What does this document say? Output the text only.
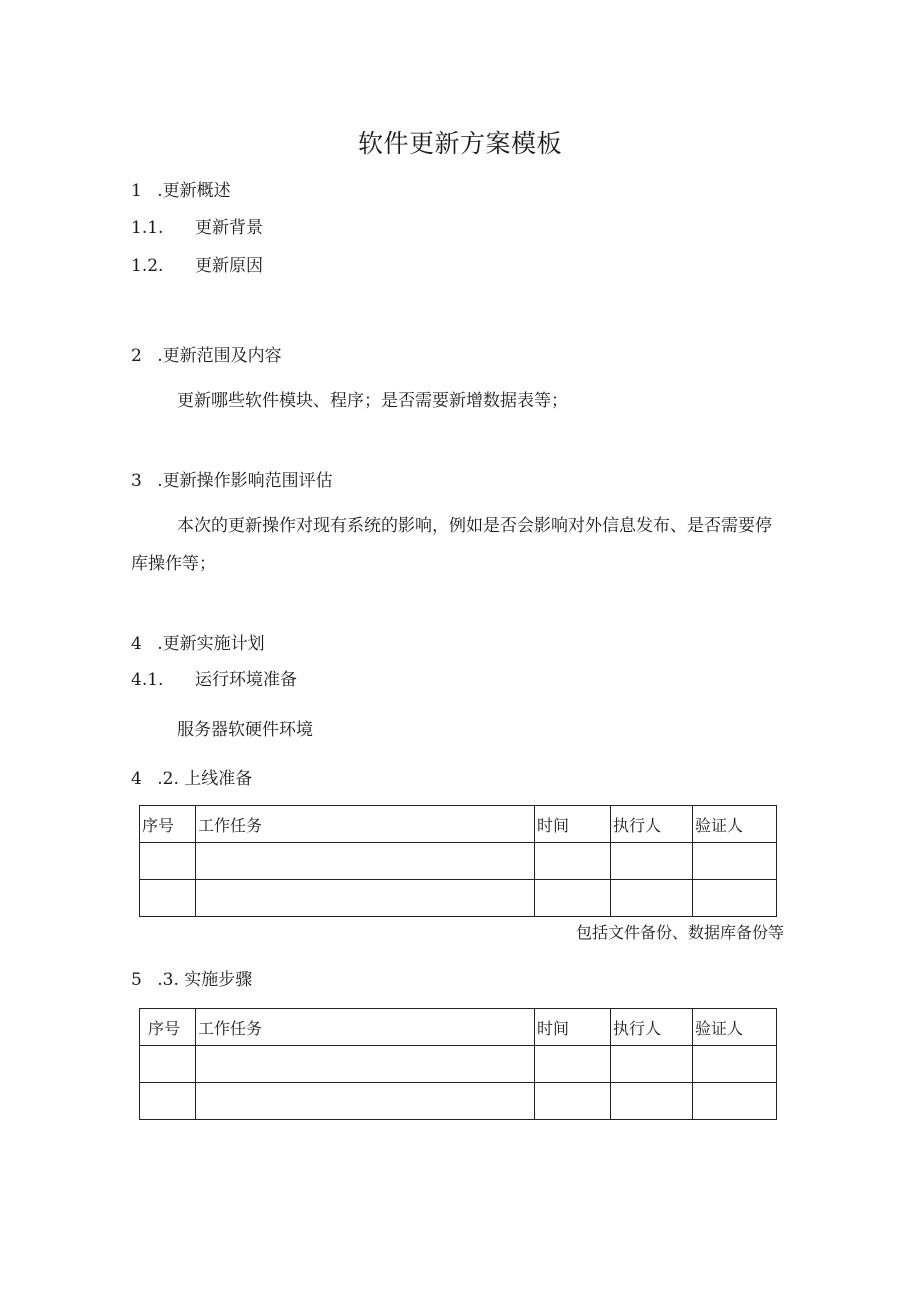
软件更新方案模板
1 .更新概述
1.1. 更新背景
1.2. 更新原因
2 .更新范围及内容
更新哪些软件模块、程序；是否需要新增数据表等；
3 .更新操作影响范围评估
本次的更新操作对现有系统的影响，例如是否会影响对外信息发布、是否需要停
库操作等；
4 .更新实施计划
4.1. 运行环境准备
服务器软硬件环境
4 .2. 上线准备
序号	工作任务	时间	执行人	验证人

包括文件备份、数据库备份等
5 .3. 实施步骤
序号	工作任务	时间	执行人	验证人
